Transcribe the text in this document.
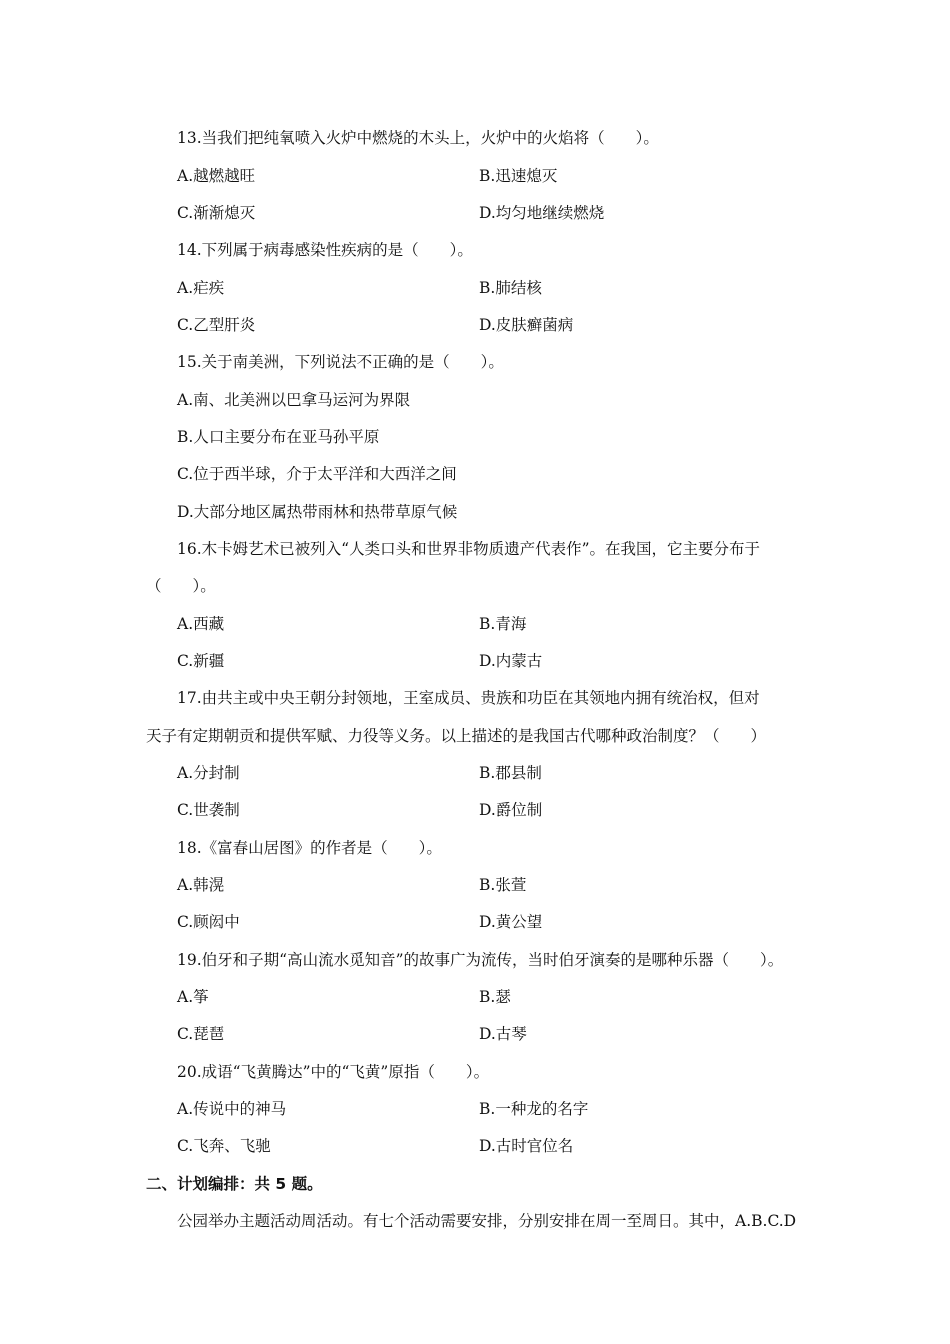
13.当我们把纯氧喷入火炉中燃烧的木头上，火炉中的火焰将（　　）。
A.越燃越旺	B.迅速熄灭
C.渐渐熄灭	D.均匀地继续燃烧
14.下列属于病毒感染性疾病的是（　　）。
A.疟疾	B.肺结核
C.乙型肝炎	D.皮肤癣菌病
15.关于南美洲，下列说法不正确的是（　　）。
A.南、北美洲以巴拿马运河为界限
B.人口主要分布在亚马孙平原
C.位于西半球，介于太平洋和大西洋之间
D.大部分地区属热带雨林和热带草原气候
16.木卡姆艺术已被列入“人类口头和世界非物质遗产代表作”。在我国，它主要分布于
（　　）。
A.西藏	B.青海
C.新疆	D.内蒙古
17.由共主或中央王朝分封领地，王室成员、贵族和功臣在其领地内拥有统治权，但对
天子有定期朝贡和提供军赋、力役等义务。以上描述的是我国古代哪种政治制度？（　　）
A.分封制	B.郡县制
C.世袭制	D.爵位制
18.《富春山居图》的作者是（　　）。
A.韩滉	B.张萱
C.顾闳中	D.黄公望
19.伯牙和子期“高山流水觅知音”的故事广为流传，当时伯牙演奏的是哪种乐器（　　）。
A.筝	B.瑟
C.琵琶	D.古琴
20.成语“飞黄腾达”中的“飞黄”原指（　　）。
A.传说中的神马	B.一种龙的名字
C.飞奔、飞驰	D.古时官位名
二、计划编排：共 5 题。
公园举办主题活动周活动。有七个活动需要安排，分别安排在周一至周日。其中，A.B.C.D
